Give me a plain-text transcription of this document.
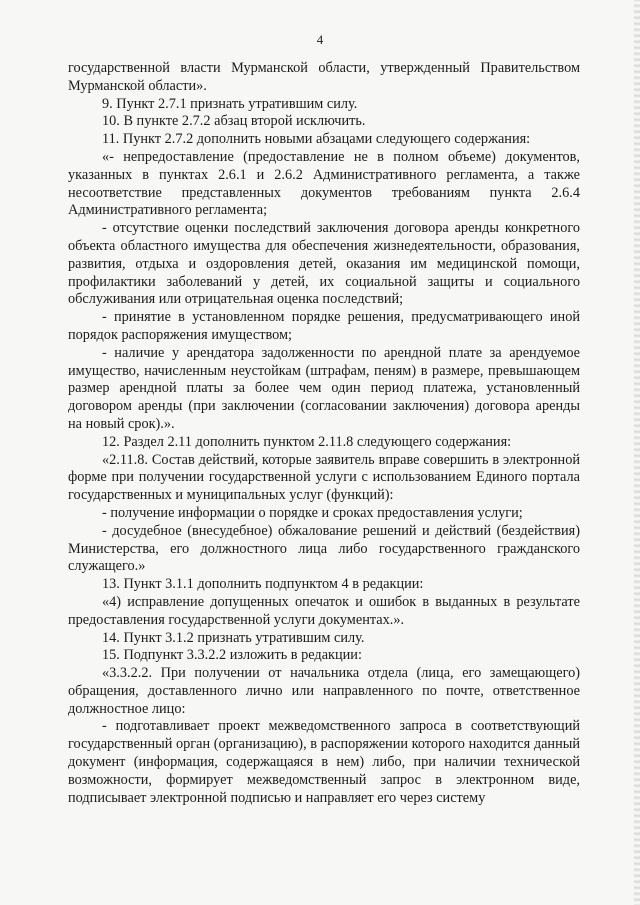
4

государственной власти Мурманской области, утвержденный Правительством Мурманской области».

9. Пункт 2.7.1 признать утратившим силу.

10. В пункте 2.7.2 абзац второй исключить.

11. Пункт 2.7.2 дополнить новыми абзацами следующего содержания:

«- непредоставление (предоставление не в полном объеме) документов, указанных в пунктах 2.6.1 и 2.6.2 Административного регламента, а также несоответствие представленных документов требованиям пункта 2.6.4 Административного регламента;

- отсутствие оценки последствий заключения договора аренды конкретного объекта областного имущества для обеспечения жизнедеятельности, образования, развития, отдыха и оздоровления детей, оказания им медицинской помощи, профилактики заболеваний у детей, их социальной защиты и социального обслуживания или отрицательная оценка последствий;

- принятие в установленном порядке решения, предусматривающего иной порядок распоряжения имуществом;

- наличие у арендатора задолженности по арендной плате за арендуемое имущество, начисленным неустойкам (штрафам, пеням) в размере, превышающем размер арендной платы за более чем один период платежа, установленный договором аренды (при заключении (согласовании заключения) договора аренды на новый срок).».

12. Раздел 2.11 дополнить пунктом 2.11.8 следующего содержания:

«2.11.8. Состав действий, которые заявитель вправе совершить в электронной форме при получении государственной услуги с использованием Единого портала государственных и муниципальных услуг (функций):

- получение информации о порядке и сроках предоставления услуги;

- досудебное (внесудебное) обжалование решений и действий (бездействия) Министерства, его должностного лица либо государственного гражданского служащего.»

13. Пункт 3.1.1 дополнить подпунктом 4 в редакции:

«4) исправление допущенных опечаток и ошибок в выданных в результате предоставления государственной услуги документах.».

14. Пункт 3.1.2 признать утратившим силу.

15. Подпункт 3.3.2.2 изложить в редакции:

«3.3.2.2. При получении от начальника отдела (лица, его замещающего) обращения, доставленного лично или направленного по почте, ответственное должностное лицо:

- подготавливает проект межведомственного запроса в соответствующий государственный орган (организацию), в распоряжении которого находится данный документ (информация, содержащаяся в нем) либо, при наличии технической возможности, формирует межведомственный запрос в электронном виде, подписывает электронной подписью и направляет его через систему
